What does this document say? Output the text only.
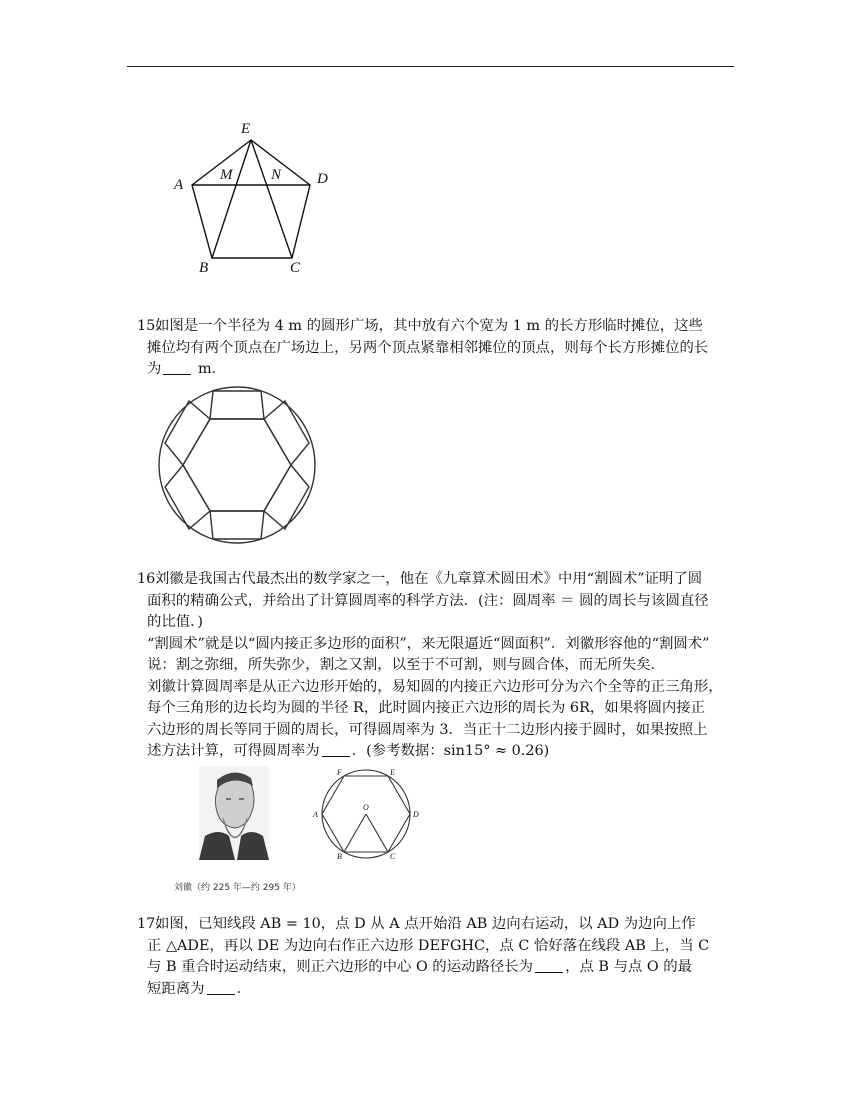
E
A
M	N D
B	C
15.

如图是一个半径为 4 m 的圆形广场，其中放有六个宽为 1 m 的长方形临时摊位，这些

摊位均有两个顶点在广场边上，另两个顶点紧靠相邻摊位的顶点，则每个长方形摊位的长

为 m．

16.

刘徽是我国古代最杰出的数学家之一，他在《九章算术圆田术》中用“割圆术”证明了圆

面积的精确公式，并给出了计算圆周率的科学方法．(注：圆周率 ＝ 圆的周长与该圆直径

的比值．)

“割圆术”就是以“圆内接正多边形的面积”，来无限逼近“圆面积”．刘徽形容他的“割圆术”

说：割之弥细，所失弥少，割之又割，以至于不可割，则与圆合体，而无所失矣．

刘徽计算圆周率是从正六边形开始的，易知圆的内接正六边形可分为六个全等的正三角形，

每个三角形的边长均为圆的半径 R，此时圆内接正六边形的周长为 6R，如果将圆内接正

六边形的周长等同于圆的周长，可得圆周率为 3．当正十二边形内接于圆时，如果按照上

述方法计算，可得圆周率为 ．(参考数据：sin15° ≈ 0.26)

刘徽（约 225 年—约 295 年）
F	E
O
A	D
B	C
17.

如图，已知线段 AB = 10，点 D 从 A 点开始沿 AB 边向右运动，以 AD 为边向上作

正 △ADE，再以 DE 为边向右作正六边形 DEFGHC，点 C 恰好落在线段 AB 上，当 C

与 B 重合时运动结束，则正六边形的中心 O 的运动路径长为 ，点 B 与点 O 的最

短距离为 ．
